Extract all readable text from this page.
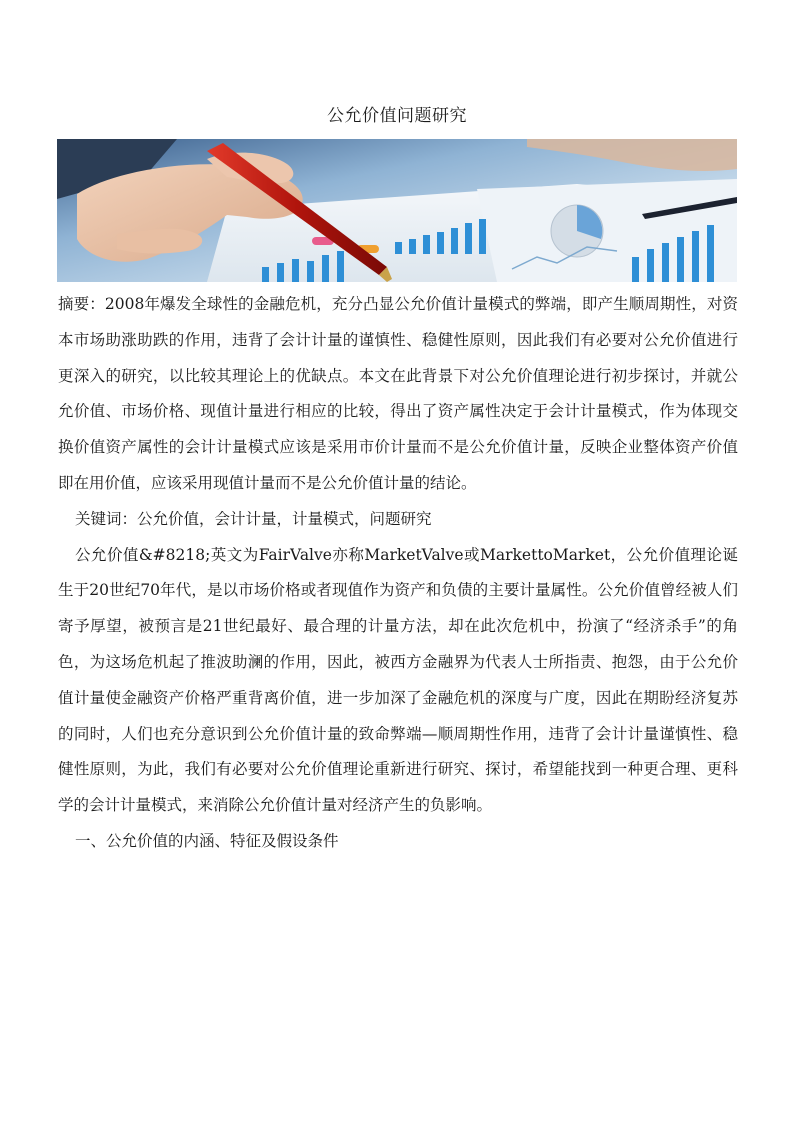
公允价值问题研究

摘要：2008年爆发全球性的金融危机，充分凸显公允价值计量模式的弊端，即产生顺周期性，对资本市场助涨助跌的作用，违背了会计计量的谨慎性、稳健性原则，因此我们有必要对公允价值进行更深入的研究，以比较其理论上的优缺点。本文在此背景下对公允价值理论进行初步探讨，并就公允价值、市场价格、现值计量进行相应的比较，得出了资产属性决定于会计计量模式，作为体现交换价值资产属性的会计计量模式应该是采用市价计量而不是公允价值计量，反映企业整体资产价值即在用价值，应该采用现值计量而不是公允价值计量的结论。

关键词：公允价值，会计计量，计量模式，问题研究

公允价值&#8218;英文为FairValve亦称MarketValve或MarkettoMarket，公允价值理论诞生于20世纪70年代，是以市场价格或者现值作为资产和负债的主要计量属性。公允价值曾经被人们寄予厚望，被预言是21世纪最好、最合理的计量方法，却在此次危机中，扮演了“经济杀手”的角色，为这场危机起了推波助澜的作用，因此，被西方金融界为代表人士所指责、抱怨，由于公允价值计量使金融资产价格严重背离价值，进一步加深了金融危机的深度与广度，因此在期盼经济复苏的同时，人们也充分意识到公允价值计量的致命弊端—顺周期性作用，违背了会计计量谨慎性、稳健性原则，为此，我们有必要对公允价值理论重新进行研究、探讨，希望能找到一种更合理、更科学的会计计量模式，来消除公允价值计量对经济产生的负影响。

一、公允价值的内涵、特征及假设条件
